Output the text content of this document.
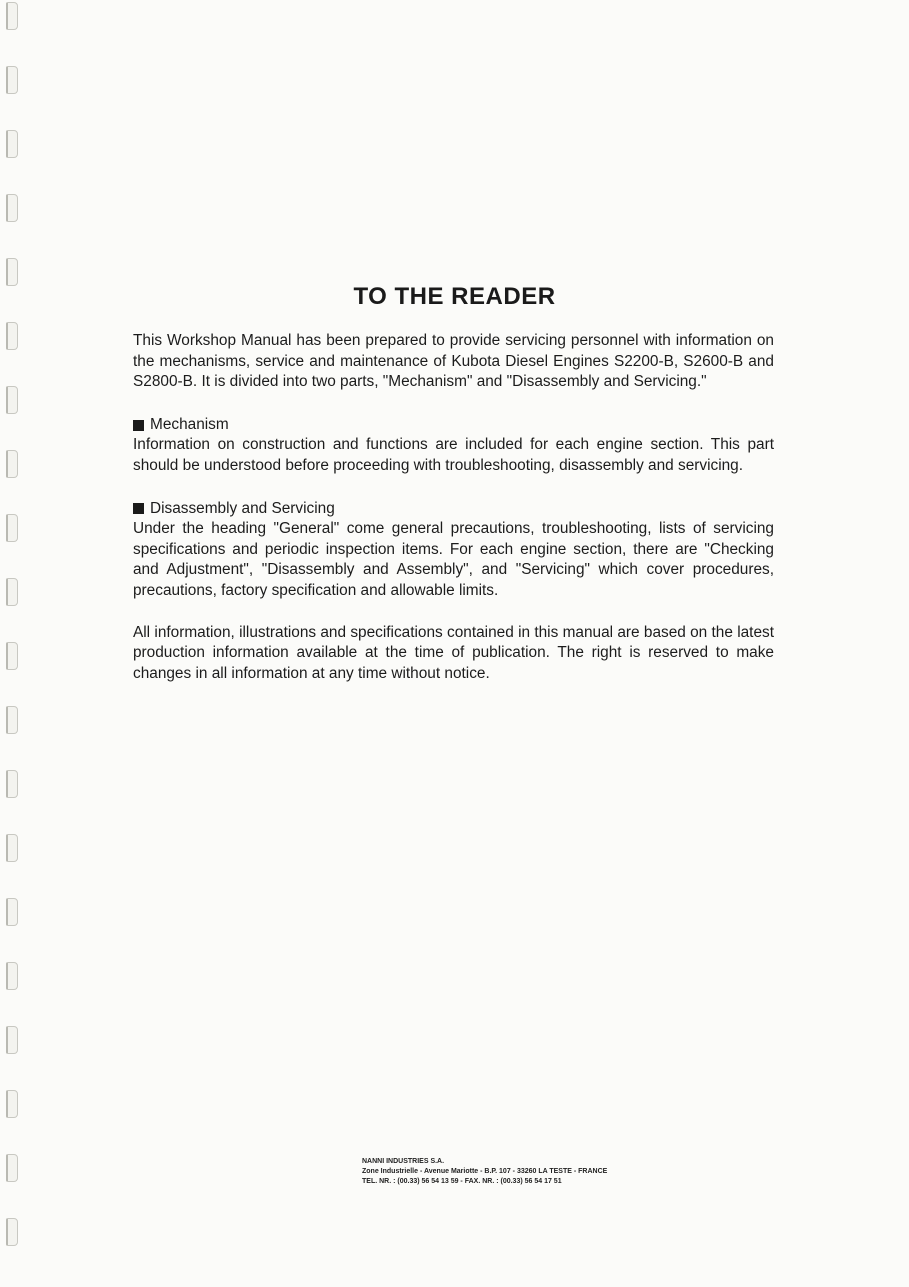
TO THE READER

This Workshop Manual has been prepared to provide servicing personnel with information on the mechanisms, service and maintenance of Kubota Diesel Engines S2200-B, S2600-B and S2800-B. It is divided into two parts, "Mechanism" and "Disassembly and Servicing."

Mechanism

Information on construction and functions are included for each engine section. This part should be understood before proceeding with troubleshooting, disassembly and servicing.

Disassembly and Servicing

Under the heading "General" come general precautions, troubleshooting, lists of servicing specifications and periodic inspection items. For each engine section, there are "Checking and Adjustment", "Disassembly and Assembly", and "Servicing" which cover procedures, precautions, factory specification and allowable limits.

All information, illustrations and specifications contained in this manual are based on the latest production information available at the time of publication. The right is reserved to make changes in all information at any time without notice.

NANNI INDUSTRIES S.A.
Zone Industrielle - Avenue Mariotte - B.P. 107 - 33260 LA TESTE - FRANCE
TEL. NR. : (00.33) 56 54 13 59 - FAX. NR. : (00.33) 56 54 17 51
